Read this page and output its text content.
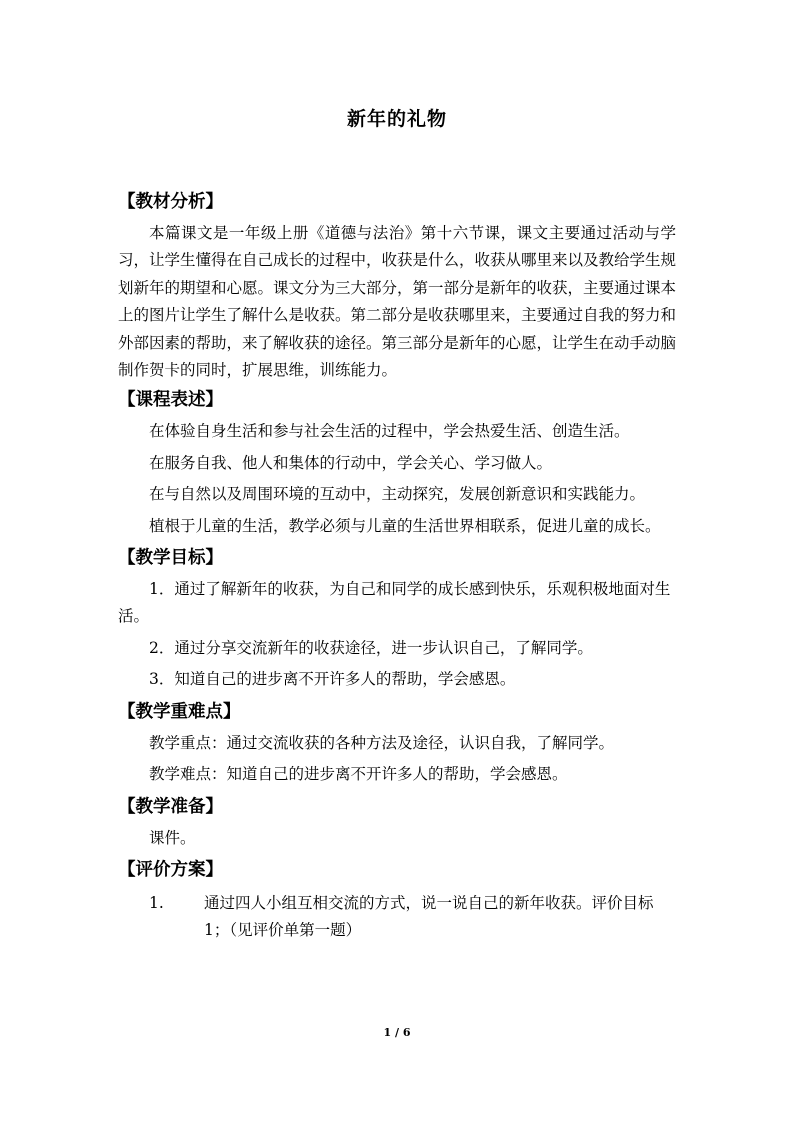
新年的礼物
【教材分析】
本篇课文是一年级上册《道德与法治》第十六节课，课文主要通过活动与学习，让学生懂得在自己成长的过程中，收获是什么，收获从哪里来以及教给学生规划新年的期望和心愿。课文分为三大部分，第一部分是新年的收获，主要通过课本上的图片让学生了解什么是收获。第二部分是收获哪里来，主要通过自我的努力和外部因素的帮助，来了解收获的途径。第三部分是新年的心愿，让学生在动手动脑制作贺卡的同时，扩展思维，训练能力。
【课程表述】
在体验自身生活和参与社会生活的过程中，学会热爱生活、创造生活。
在服务自我、他人和集体的行动中，学会关心、学习做人。
在与自然以及周围环境的互动中，主动探究，发展创新意识和实践能力。
植根于儿童的生活，教学必须与儿童的生活世界相联系，促进儿童的成长。
【教学目标】
1．通过了解新年的收获，为自己和同学的成长感到快乐，乐观积极地面对生活。
2．通过分享交流新年的收获途径，进一步认识自己，了解同学。
3．知道自己的进步离不开许多人的帮助，学会感恩。
【教学重难点】
教学重点：通过交流收获的各种方法及途径，认识自我，了解同学。
教学难点：知道自己的进步离不开许多人的帮助，学会感恩。
【教学准备】
课件。
【评价方案】
1.	通过四人小组互相交流的方式，说一说自己的新年收获。评价目标1；（见评价单第一题）
1 / 6
